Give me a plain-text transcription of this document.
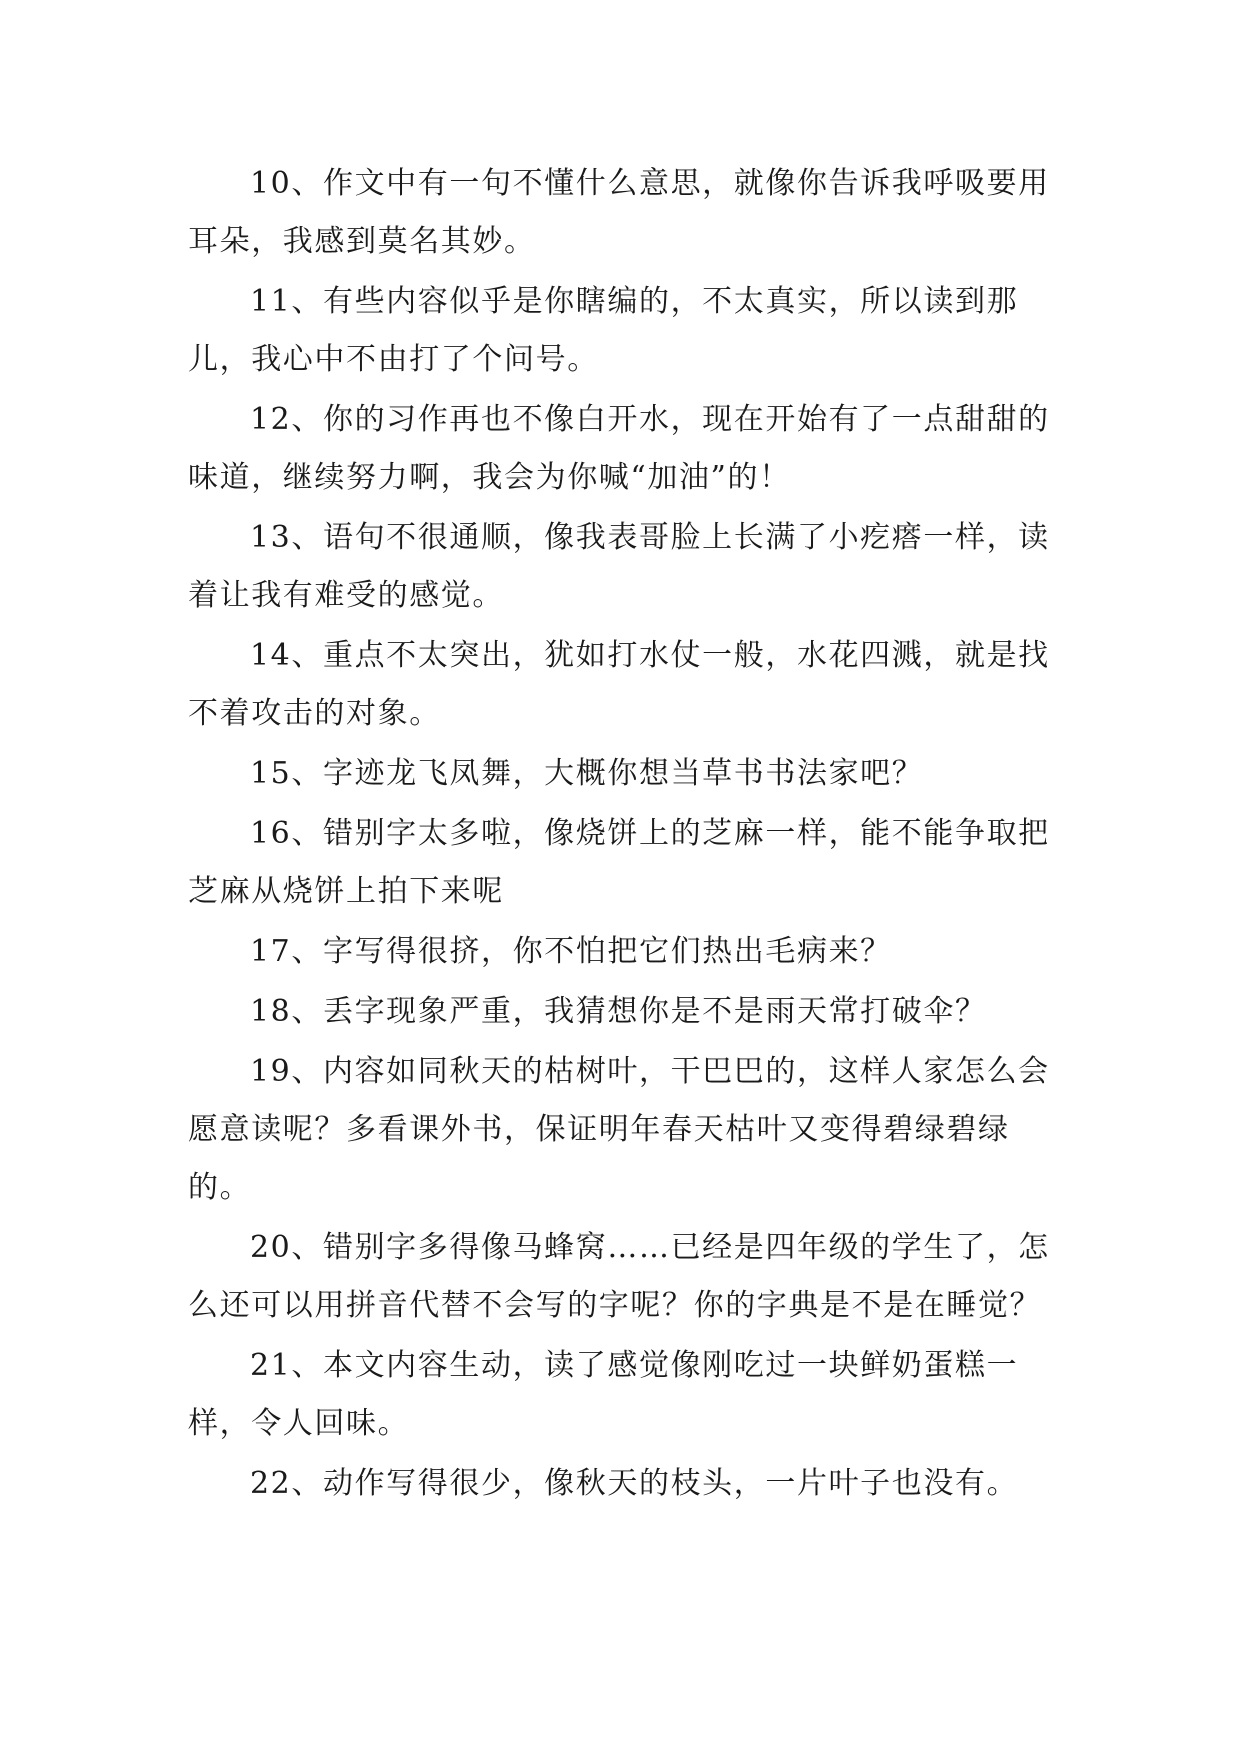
10、作文中有一句不懂什么意思，就像你告诉我呼吸要用耳朵，我感到莫名其妙。

11、有些内容似乎是你瞎编的，不太真实，所以读到那儿，我心中不由打了个问号。

12、你的习作再也不像白开水，现在开始有了一点甜甜的味道，继续努力啊，我会为你喊“加油”的！

13、语句不很通顺，像我表哥脸上长满了小疙瘩一样，读着让我有难受的感觉。

14、重点不太突出，犹如打水仗一般，水花四溅，就是找不着攻击的对象。

15、字迹龙飞凤舞，大概你想当草书书法家吧？

16、错别字太多啦，像烧饼上的芝麻一样，能不能争取把芝麻从烧饼上拍下来呢

17、字写得很挤，你不怕把它们热出毛病来？

18、丢字现象严重，我猜想你是不是雨天常打破伞？

19、内容如同秋天的枯树叶，干巴巴的，这样人家怎么会愿意读呢？多看课外书，保证明年春天枯叶又变得碧绿碧绿的。

20、错别字多得像马蜂窝……已经是四年级的学生了，怎么还可以用拼音代替不会写的字呢？你的字典是不是在睡觉？

21、本文内容生动，读了感觉像刚吃过一块鲜奶蛋糕一样，令人回味。

22、动作写得很少，像秋天的枝头，一片叶子也没有。
